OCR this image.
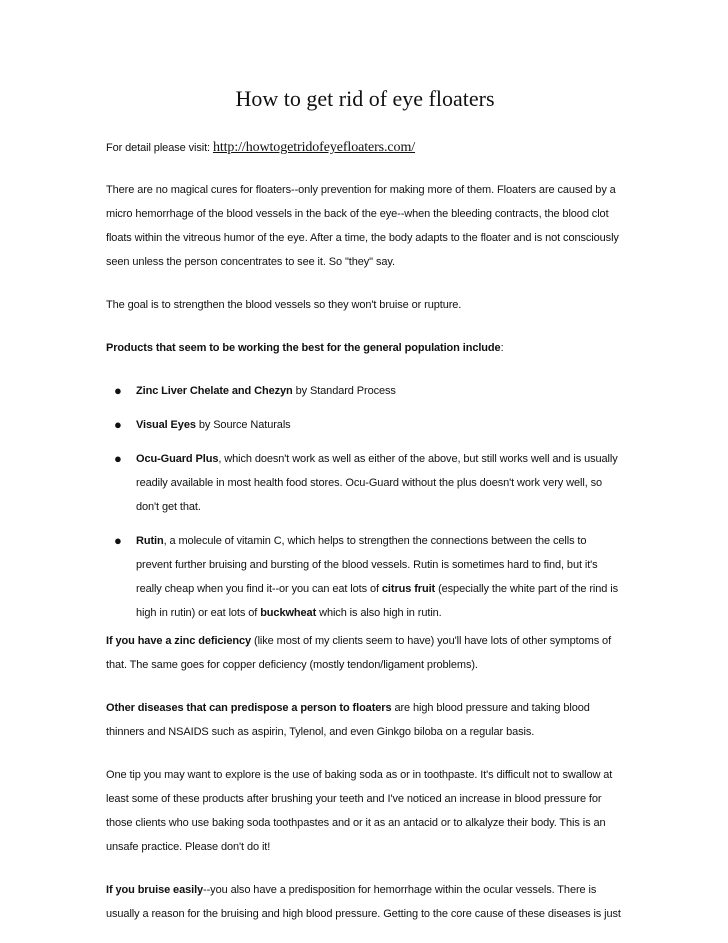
How to get rid of eye floaters
For detail please visit: http://howtogetridofeyefloaters.com/

There are no magical cures for floaters--only prevention for making more of them. Floaters are caused by a micro hemorrhage of the blood vessels in the back of the eye--when the bleeding contracts, the blood clot floats within the vitreous humor of the eye. After a time, the body adapts to the floater and is not consciously seen unless the person concentrates to see it. So "they" say.

The goal is to strengthen the blood vessels so they won't bruise or rupture.

Products that seem to be working the best for the general population include:

● Zinc Liver Chelate and Chezyn by Standard Process
● Visual Eyes by Source Naturals
● Ocu-Guard Plus, which doesn't work as well as either of the above, but still works well and is usually readily available in most health food stores. Ocu-Guard without the plus doesn't work very well, so don't get that.
● Rutin, a molecule of vitamin C, which helps to strengthen the connections between the cells to prevent further bruising and bursting of the blood vessels. Rutin is sometimes hard to find, but it's really cheap when you find it--or you can eat lots of citrus fruit (especially the white part of the rind is high in rutin) or eat lots of buckwheat which is also high in rutin.

If you have a zinc deficiency (like most of my clients seem to have) you'll have lots of other symptoms of that. The same goes for copper deficiency (mostly tendon/ligament problems).

Other diseases that can predispose a person to floaters are high blood pressure and taking blood thinners and NSAIDS such as aspirin, Tylenol, and even Ginkgo biloba on a regular basis.

One tip you may want to explore is the use of baking soda as or in toothpaste. It's difficult not to swallow at least some of these products after brushing your teeth and I've noticed an increase in blood pressure for those clients who use baking soda toothpastes and or it as an antacid or to alkalyze their body. This is an unsafe practice. Please don't do it!

If you bruise easily--you also have a predisposition for hemorrhage within the ocular vessels. There is usually a reason for the bruising and high blood pressure. Getting to the core cause of these diseases is just
